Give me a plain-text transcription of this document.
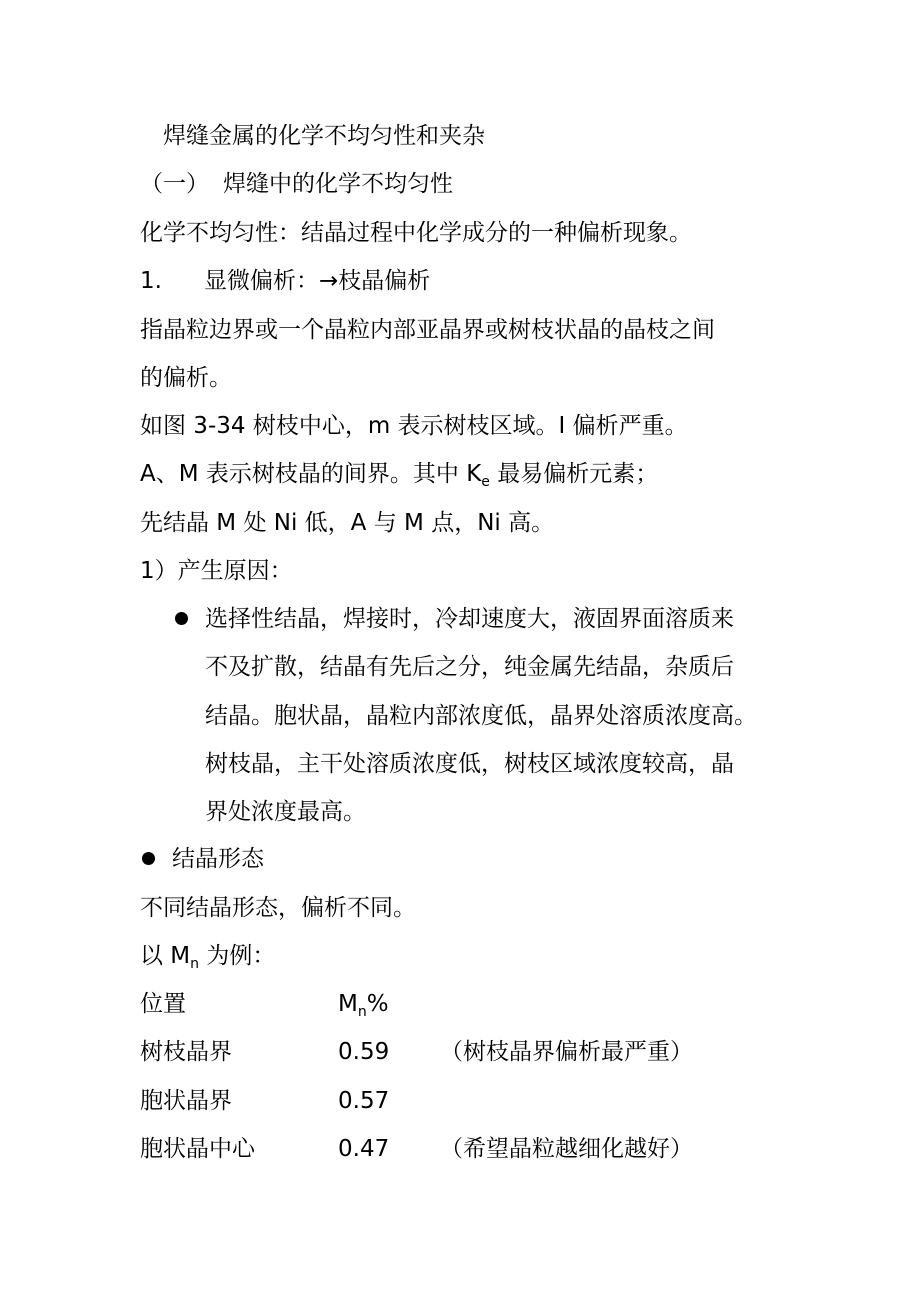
焊缝金属的化学不均匀性和夹杂
（一） 焊缝中的化学不均匀性
化学不均匀性：结晶过程中化学成分的一种偏析现象。
1. 显微偏析：→枝晶偏析
指晶粒边界或一个晶粒内部亚晶界或树枝状晶的晶枝之间
的偏析。
如图 3-34 树枝中心，m 表示树枝区域。I 偏析严重。
A、M 表示树枝晶的间界。其中 $K_e$ 最易偏析元素；
先结晶 M 处 Ni 低，A 与 M 点，Ni 高。
1）产生原因：
选择性结晶，焊接时，冷却速度大，液固界面溶质来
不及扩散，结晶有先后之分，纯金属先结晶，杂质后
结晶。胞状晶，晶粒内部浓度低，晶界处溶质浓度高。
树枝晶，主干处溶质浓度低，树枝区域浓度较高，晶
界处浓度最高。
结晶形态
不同结晶形态，偏析不同。
以 $M_n$ 为例：
位置	$M_n\%$
树枝晶界	0.59 （树枝晶界偏析最严重）
胞状晶界	0.57
胞状晶中心	0.47 （希望晶粒越细化越好）
